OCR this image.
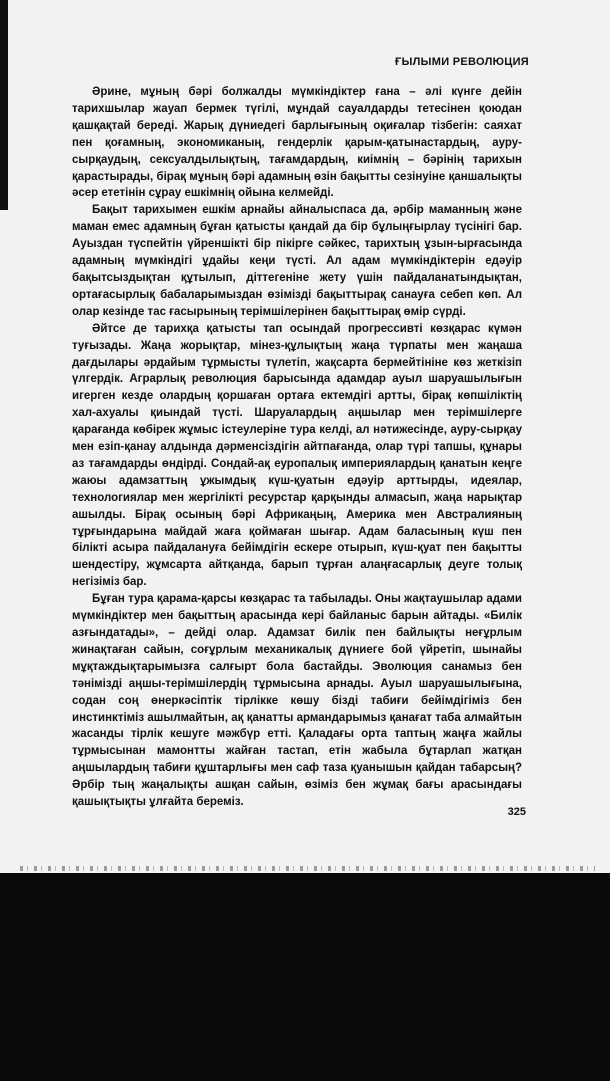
ҒЫЛЫМИ РЕВОЛЮЦИЯ

Әрине, мұның бәрі болжалды мүмкіндіктер ғана – әлі күнге дейін тарихшылар жауап бермек түгілі, мұндай сауалдарды тетесінен қоюдан қашқақтай береді. Жарық дүниедегі барлығының оқиғалар тізбегін: саяхат пен қоғамның, экономиканың, гендерлік қарым-қатынастардың, ауру-сырқаудың, сексуалдылықтың, тағамдардың, киімнің – бәрінің тарихын қарастырады, бірақ мұның бәрі адамның өзін бақытты сезінуіне қаншалықты әсер ететінін сұрау ешкімнің ойына келмейді.

Бақыт тарихымен ешкім арнайы айналыспаса да, әрбір маманның және маман емес адамның бұған қатысты қандай да бір бұлыңғырлау түсінігі бар. Ауыздан түспейтін үйреншікті бір пікірге сәйкес, тарихтың ұзын-ырғасында адамның мүмкіндігі ұдайы кеңи түсті. Ал адам мүмкіндіктерін едәуір бақытсыздықтан құтылып, діттегеніне жету үшін пайдаланатындықтан, ортағасырлық бабаларымыздан өзімізді бақыттырақ санауға себеп көп. Ал олар кезінде тас ғасырының терімшілерінен бақыттырақ өмір сүрді.

Әйтсе де тарихқа қатысты тап осындай прогрессивті көзқарас күмән туғызады. Жаңа жорықтар, мінез-құлықтың жаңа түрпаты мен жаңаша дағдылары әрдайым тұрмысты түлетіп, жақсарта бермейтініне көз жеткізіп үлгердік. Аграрлық революция барысында адамдар ауыл шаруашылығын игерген кезде олардың қоршаған ортаға ектемдігі артты, бірақ көпшіліктің хал-ахуалы қиындай түсті. Шаруалардың аңшылар мен терімшілерге қарағанда көбірек жұмыс істеулеріне тура келді, ал нәтижесінде, ауру-сырқау мен езіп-қанау алдында дәрменсіздігін айтпағанда, олар түрі тапшы, құнары аз тағамдарды өндірді. Сондай-ақ еуропалық империялардың қанатын кеңге жаюы адамзаттың ұжымдық күш-қуатын едәуір арттырды, идеялар, технологиялар мен жергілікті ресурстар қарқынды алмасып, жаңа нарықтар ашылды. Бірақ осының бәрі Африкаңың, Америка мен Австралияның тұрғындарына майдай жаға қоймаған шығар. Адам баласының күш пен білікті асыра пайдалануға бейімдігін ескере отырып, күш-қуат пен бақытты шендестіру, жұмсарта айтқанда, барып тұрған алаңғасарлық деуге толық негізіміз бар.

Бұған тура қарама-қарсы көзқарас та табылады. Оны жақтаушылар адами мүмкіндіктер мен бақыттың арасында кері байланыс барын айтады. «Билік азғындатады», – дейді олар. Адамзат билік пен байлықты неғұрлым жинақтаған сайын, соғұрлым механикалық дүниеге бой үйретіп, шынайы мұқтаждықтарымызға салғырт бола бастайды. Эволюция санамыз бен тәнімізді аңшы-терімшілердің тұрмысына арнады. Ауыл шаруашылығына, содан соң өнеркәсіптік тірлікке көшу бізді табиғи бейімдігіміз бен инстинктіміз ашылмайтын, ақ қанатты армандарымыз қанағат таба алмайтын жасанды тірлік кешуге мәжбүр етті. Қаладағы орта таптың жаңға жайлы тұрмысынан мамонтты жайған тастап, етін жабыла бұтарлап жатқан аңшылардың табиғи құштарлығы мен саф таза қуанышын қайдан табарсың? Әрбір тың жаңалықты ашқан сайын, өзіміз бен жұмақ бағы арасындағы қашықтықты ұлғайта береміз.

325
